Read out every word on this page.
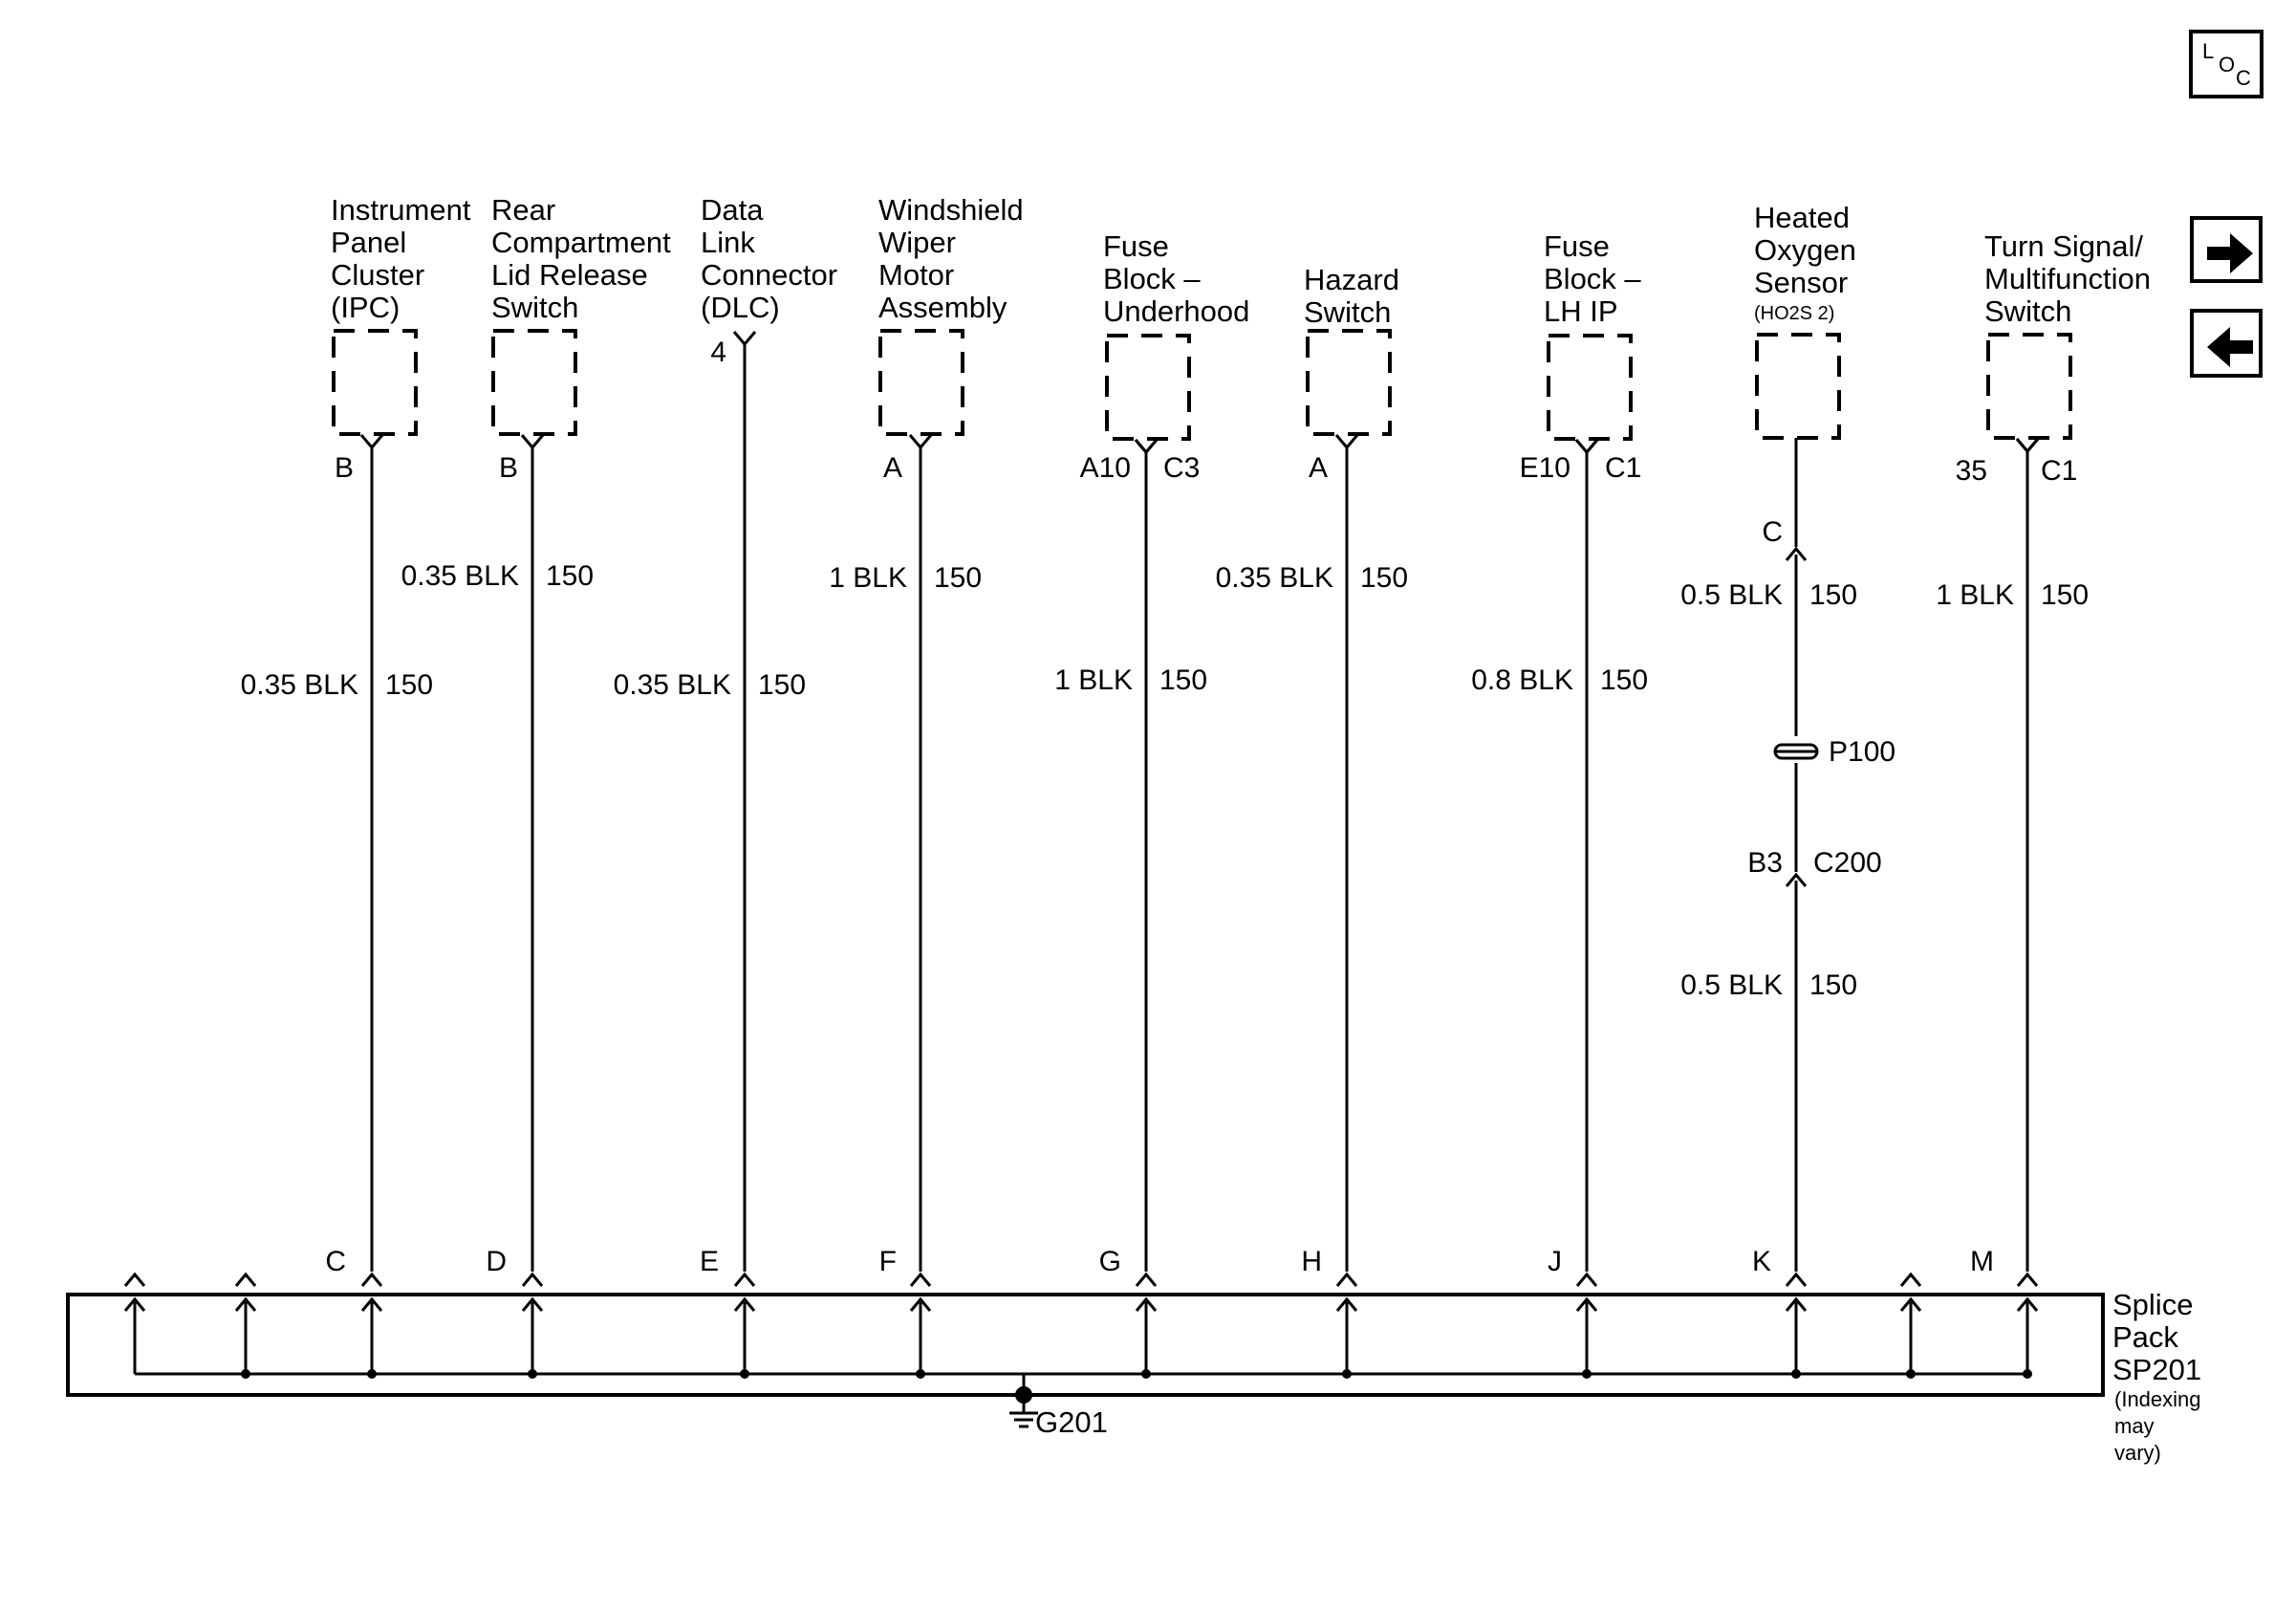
Instrument
Panel
Cluster
(IPC)
B
0.35 BLK 150
C
Rear
Compartment
Lid Release
Switch
B
0.35 BLK 150
D
Data
Link
Connector
(DLC)
4
0.35 BLK 150
E
Windshield
Wiper
Motor
Assembly
A
1 BLK 150
F
Fuse
Block –
Underhood
A10 C3
1 BLK 150
G
Hazard
Switch
A
0.35 BLK 150
H
Fuse
Block –
LH IP
E10 C1
0.8 BLK 150
J
Heated
Oxygen
Sensor
(HO2S 2)
C
0.5 BLK 150
P100
B3 C200
0.5 BLK 150
K
Turn Signal/
Multifunction
Switch
35 C1
1 BLK 150
M
G201
Splice
Pack
SP201
(Indexing
may
vary)
L
O
C
